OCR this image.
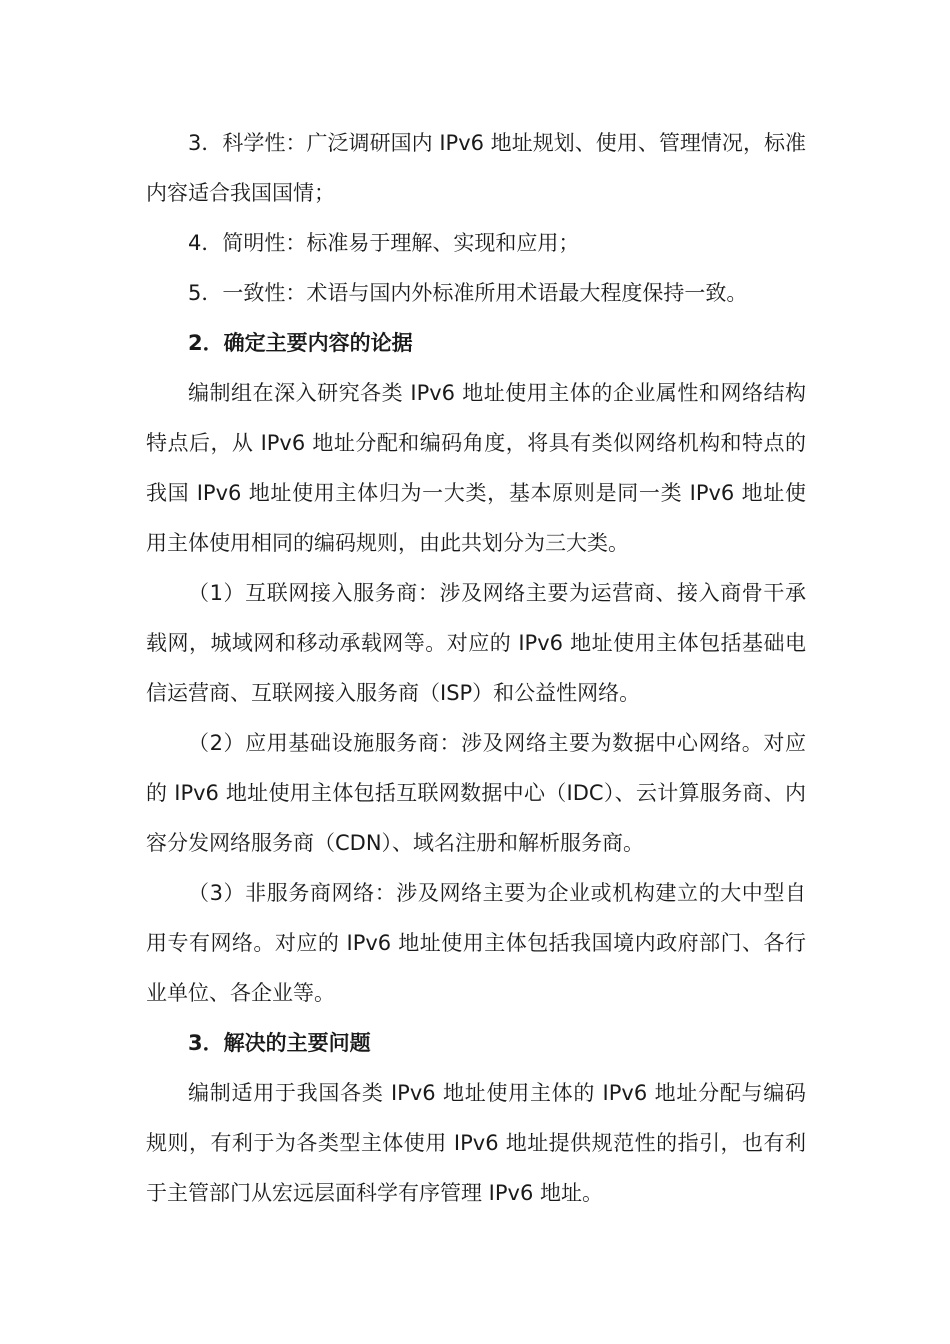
3．科学性：广泛调研国内 IPv6 地址规划、使用、管理情况，标准内容适合我国国情；

4．简明性：标准易于理解、实现和应用；

5．一致性：术语与国内外标准所用术语最大程度保持一致。

2．确定主要内容的论据

编制组在深入研究各类 IPv6 地址使用主体的企业属性和网络结构特点后，从 IPv6 地址分配和编码角度，将具有类似网络机构和特点的我国 IPv6 地址使用主体归为一大类，基本原则是同一类 IPv6 地址使用主体使用相同的编码规则，由此共划分为三大类。

（1）互联网接入服务商：涉及网络主要为运营商、接入商骨干承载网，城域网和移动承载网等。对应的 IPv6 地址使用主体包括基础电信运营商、互联网接入服务商（ISP）和公益性网络。

（2）应用基础设施服务商：涉及网络主要为数据中心网络。对应的 IPv6 地址使用主体包括互联网数据中心（IDC）、云计算服务商、内容分发网络服务商（CDN）、域名注册和解析服务商。

（3）非服务商网络：涉及网络主要为企业或机构建立的大中型自用专有网络。对应的 IPv6 地址使用主体包括我国境内政府部门、各行业单位、各企业等。

3．解决的主要问题

编制适用于我国各类 IPv6 地址使用主体的 IPv6 地址分配与编码规则，有利于为各类型主体使用 IPv6 地址提供规范性的指引，也有利于主管部门从宏远层面科学有序管理 IPv6 地址。
